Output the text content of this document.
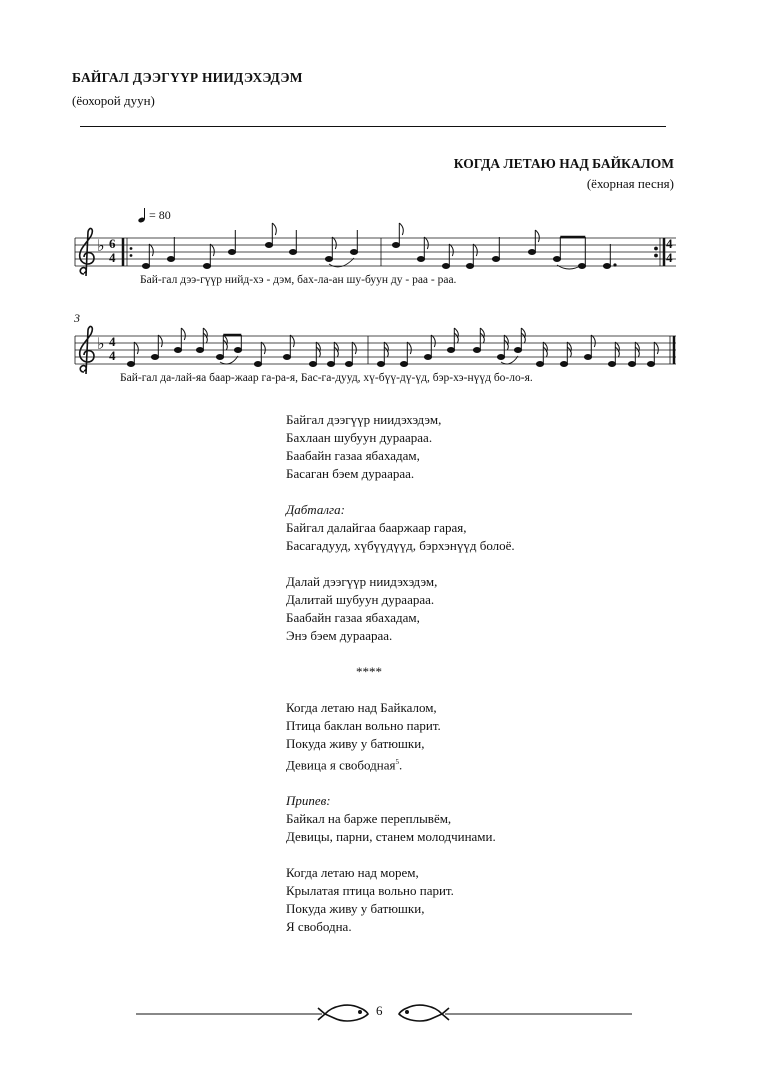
БАЙГАЛ ДЭЭГҮҮР НИИДЭХЭДЭМ
(ёохорой дуун)
КОГДА ЛЕТАЮ НАД БАЙКАЛОМ
(ёхорная песня)
= 80
♭ 6
4
4
4
♭ 4
4
3
Бай-гал дээ-гүүр нийд-хэ - дэм, бах-ла-ан шу-буун ду - раа - раа.
Бай-гал да-лай-яа баар-жаар га-ра-я, Бас-га-дууд, хү-бүү-дү-үд, бэр-хэ-нүүд бо-ло-я.
Байгал дээгүүр ниидэхэдэм,
Бахлаан шубуун дураараа.
Баабайн газаа ябахадам,
Басаган бэем дураараа.
Дабталга:
Байгал далайгаа бааржаар гарая,
Басагадууд, хүбүүдүүд, бэрхэнүүд болоё.
Далай дээгүүр ниидэхэдэм,
Далитай шубуун дураараа.
Баабайн газаа ябахадам,
Энэ бэем дураараа.
****
Когда летаю над Байкалом,
Птица баклан вольно парит.
Покуда живу у батюшки,
Девица я свободная$^5$.
Припев:
Байкал на барже переплывём,
Девицы, парни, станем молодчинами.
Когда летаю над морем,
Крылатая птица вольно парит.
Покуда живу у батюшки,
Я свободна.
6
